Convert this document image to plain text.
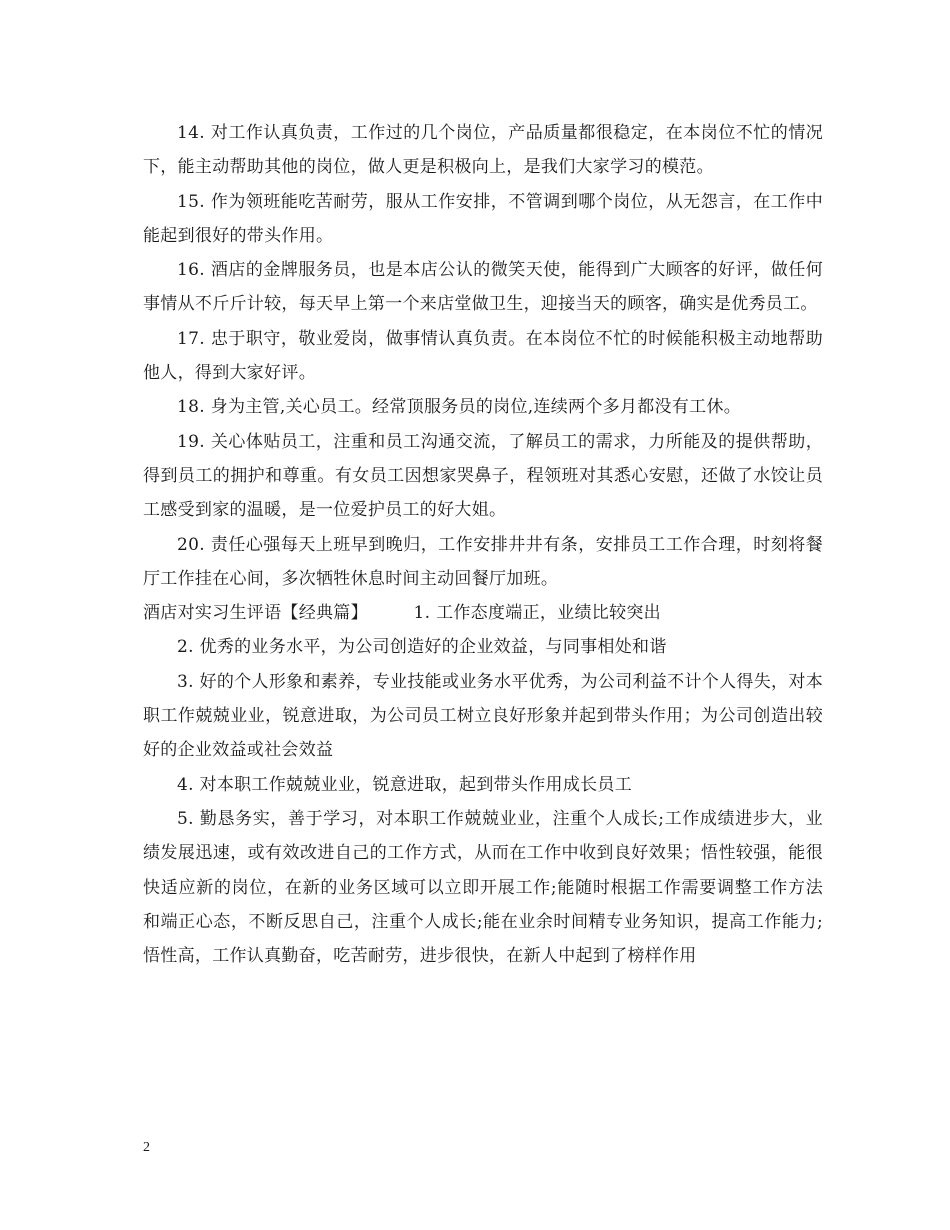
14. 对工作认真负责，工作过的几个岗位，产品质量都很稳定，在本岗位不忙的情况下，能主动帮助其他的岗位，做人更是积极向上，是我们大家学习的模范。

15. 作为领班能吃苦耐劳，服从工作安排，不管调到哪个岗位，从无怨言，在工作中能起到很好的带头作用。

16. 酒店的金牌服务员，也是本店公认的微笑天使，能得到广大顾客的好评，做任何事情从不斤斤计较，每天早上第一个来店堂做卫生，迎接当天的顾客，确实是优秀员工。

17. 忠于职守，敬业爱岗，做事情认真负责。在本岗位不忙的时候能积极主动地帮助他人，得到大家好评。

18. 身为主管,关心员工。经常顶服务员的岗位,连续两个多月都没有工休。

19. 关心体贴员工，注重和员工沟通交流，了解员工的需求，力所能及的提供帮助，得到员工的拥护和尊重。有女员工因想家哭鼻子，程领班对其悉心安慰，还做了水饺让员工感受到家的温暖，是一位爱护员工的好大姐。

20. 责任心强每天上班早到晚归，工作安排井井有条，安排员工工作合理，时刻将餐厅工作挂在心间，多次牺牲休息时间主动回餐厅加班。

酒店对实习生评语【经典篇】	1. 工作态度端正，业绩比较突出

2. 优秀的业务水平，为公司创造好的企业效益，与同事相处和谐

3. 好的个人形象和素养，专业技能或业务水平优秀，为公司利益不计个人得失，对本职工作兢兢业业，锐意进取，为公司员工树立良好形象并起到带头作用；为公司创造出较好的企业效益或社会效益

4. 对本职工作兢兢业业，锐意进取，起到带头作用成长员工

5. 勤恳务实，善于学习，对本职工作兢兢业业，注重个人成长;工作成绩进步大，业绩发展迅速，或有效改进自己的工作方式，从而在工作中收到良好效果；悟性较强，能很快适应新的岗位，在新的业务区域可以立即开展工作;能随时根据工作需要调整工作方法和端正心态，不断反思自己，注重个人成长;能在业余时间精专业务知识，提高工作能力;悟性高，工作认真勤奋，吃苦耐劳，进步很快，在新人中起到了榜样作用

2
